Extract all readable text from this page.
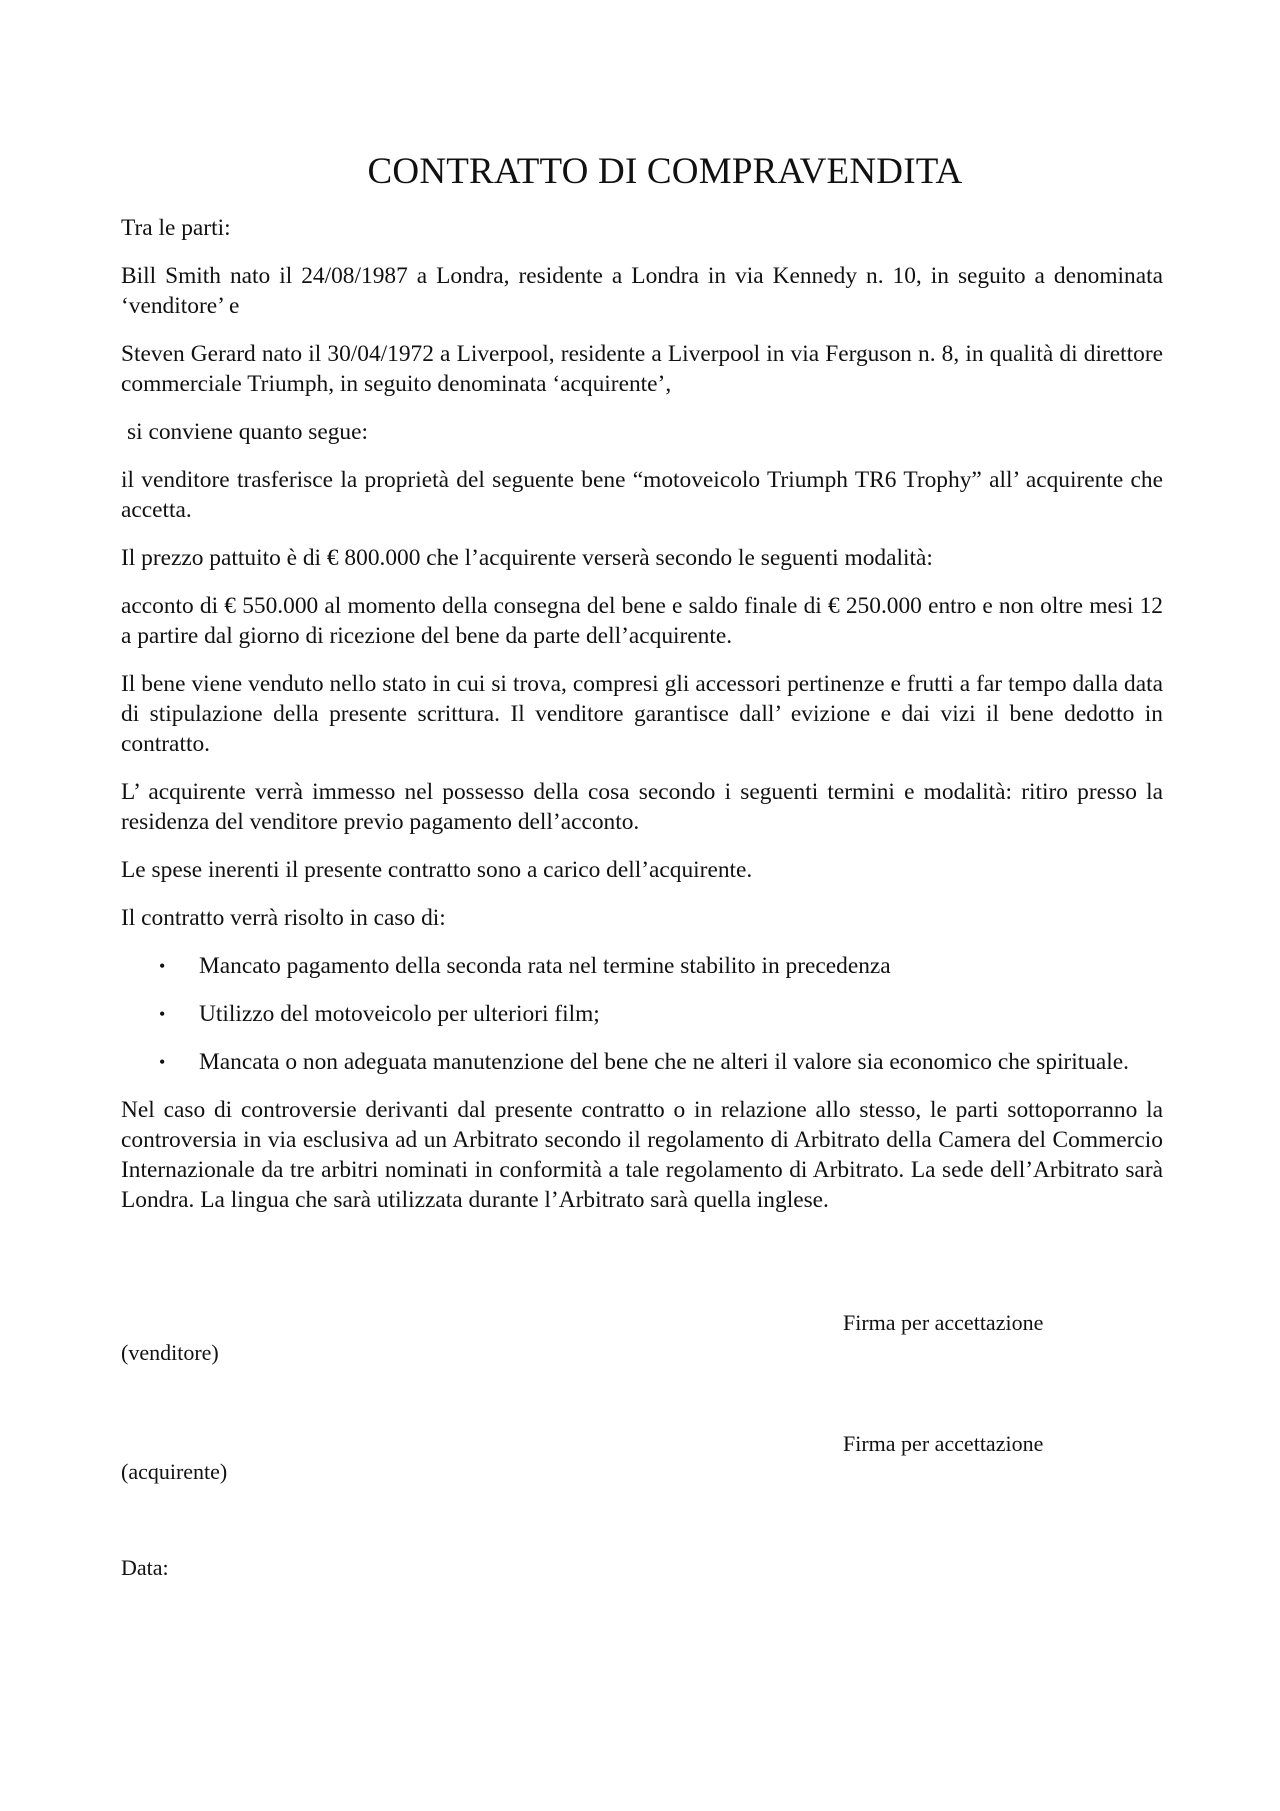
CONTRATTO DI COMPRAVENDITA

Tra le parti:

Bill Smith nato il 24/08/1987 a Londra, residente a Londra in via Kennedy n. 10, in seguito a denominata ‘venditore’ e

Steven Gerard nato il 30/04/1972 a Liverpool, residente a Liverpool in via Ferguson n. 8, in qualità di direttore commerciale Triumph, in seguito denominata ‘acquirente’,

si conviene quanto segue:

il venditore trasferisce la proprietà del seguente bene “motoveicolo Triumph TR6 Trophy” all’ acquirente che accetta.

Il prezzo pattuito è di € 800.000 che l’acquirente verserà secondo le seguenti modalità:

acconto di € 550.000 al momento della consegna del bene e saldo finale di € 250.000 entro e non oltre mesi 12 a partire dal giorno di ricezione del bene da parte dell’acquirente.

Il bene viene venduto nello stato in cui si trova, compresi gli accessori pertinenze e frutti a far tempo dalla data di stipulazione della presente scrittura. Il venditore garantisce dall’ evizione e dai vizi il bene dedotto in contratto.

L’ acquirente verrà immesso nel possesso della cosa secondo i seguenti termini e modalità: ritiro presso la residenza del venditore previo pagamento dell’acconto.

Le spese inerenti il presente contratto sono a carico dell’acquirente.

Il contratto verrà risolto in caso di:

• Mancato pagamento della seconda rata nel termine stabilito in precedenza
• Utilizzo del motoveicolo per ulteriori film;
• Mancata o non adeguata manutenzione del bene che ne alteri il valore sia economico che spirituale.

Nel caso di controversie derivanti dal presente contratto o in relazione allo stesso, le parti sottoporranno la controversia in via esclusiva ad un Arbitrato secondo il regolamento di Arbitrato della Camera del Commercio Internazionale da tre arbitri nominati in conformità a tale regolamento di Arbitrato. La sede dell’Arbitrato sarà Londra. La lingua che sarà utilizzata durante l’Arbitrato sarà quella inglese.

Firma per accettazione
(venditore)
Firma per accettazione
(acquirente)
Data:
